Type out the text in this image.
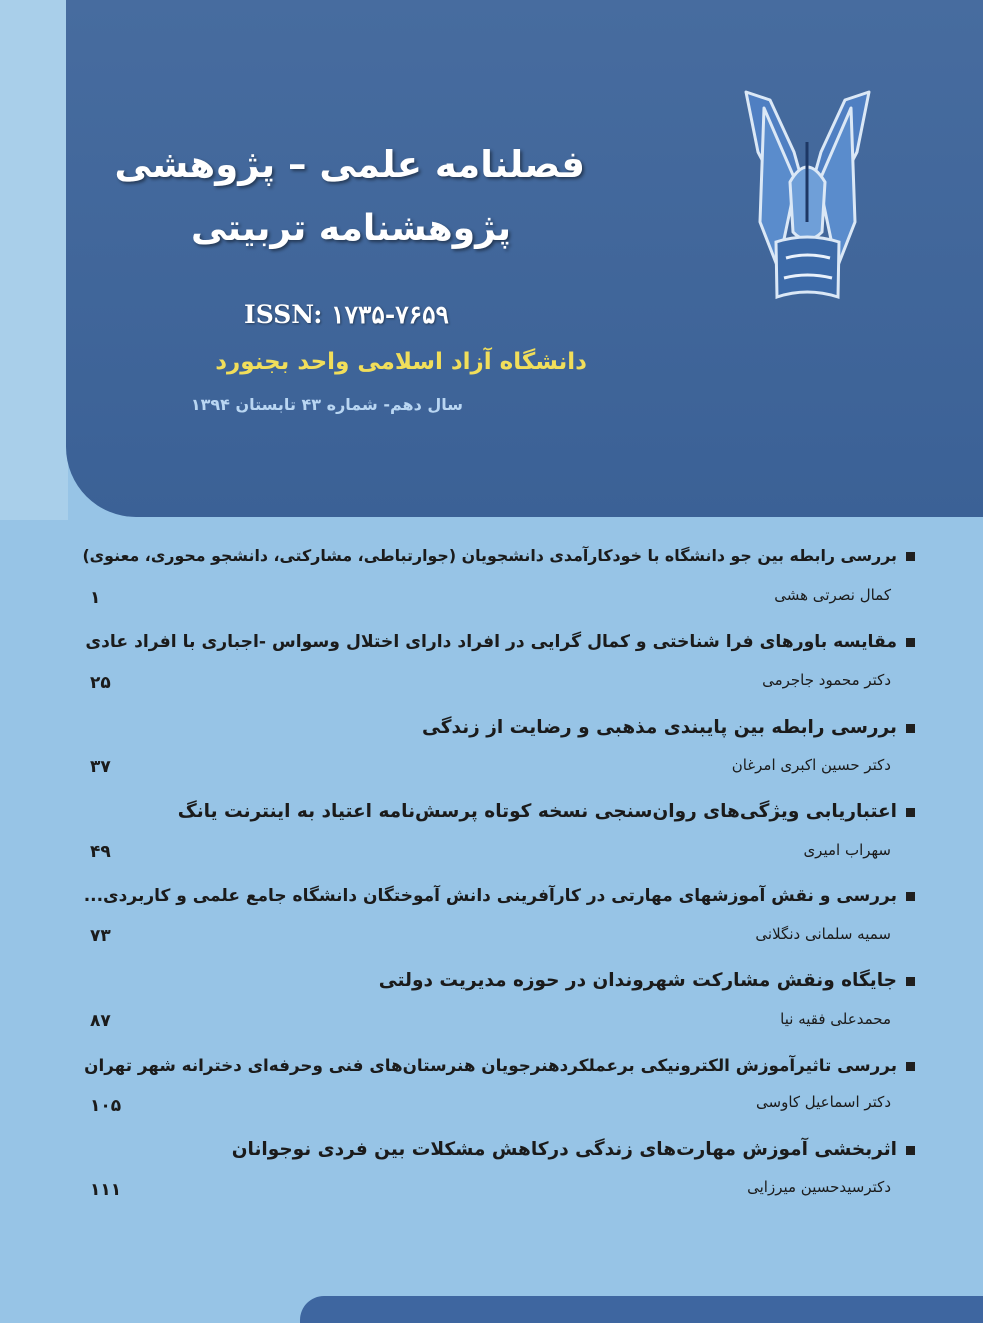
فصلنامه علمی – پژوهشی
پژوهشنامه تربیتی
ISSN: ۱۷۳۵-۷۶۵۹
دانشگاه آزاد اسلامی واحد بجنورد
سال دهم- شماره ۴۳ تابستان ۱۳۹۴
بررسی رابطه بین جو دانشگاه با خودکارآمدی دانشجویان (جوارتباطی، مشارکتی، دانشجو محوری، معنوی)
کمال نصرتی هشی
۱
مقایسه باورهای فرا شناختی و کمال گرایی در افراد دارای اختلال وسواس -اجباری با افراد عادی
دکتر محمود جاجرمی
۲۵
بررسی رابطه بین پایبندی مذهبی و رضایت از زندگی
دکتر حسین اکبری امرغان
۳۷
اعتباریابی ویژگی‌های روان‌سنجی نسخه کوتاه پرسش‌نامه اعتیاد به اینترنت یانگ
سهراب امیری
۴۹
بررسی و نقش آموزشهای مهارتی در کارآفرینی دانش آموختگان دانشگاه جامع علمی و کاربردی...
سمیه سلمانی دنگلانی
۷۳
جایگاه ونقش مشارکت شهروندان در حوزه مدیریت دولتی
محمدعلی فقیه نیا
۸۷
بررسی تاثیرآموزش الکترونیکی برعملکردهنرجویان هنرستان‌های فنی وحرفه‌ای دخترانه شهر تهران
دکتر اسماعیل کاوسی
۱۰۵
اثربخشی آموزش مهارت‌های زندگی درکاهش مشکلات بین فردی نوجوانان
دکترسیدحسین میرزایی
۱۱۱
